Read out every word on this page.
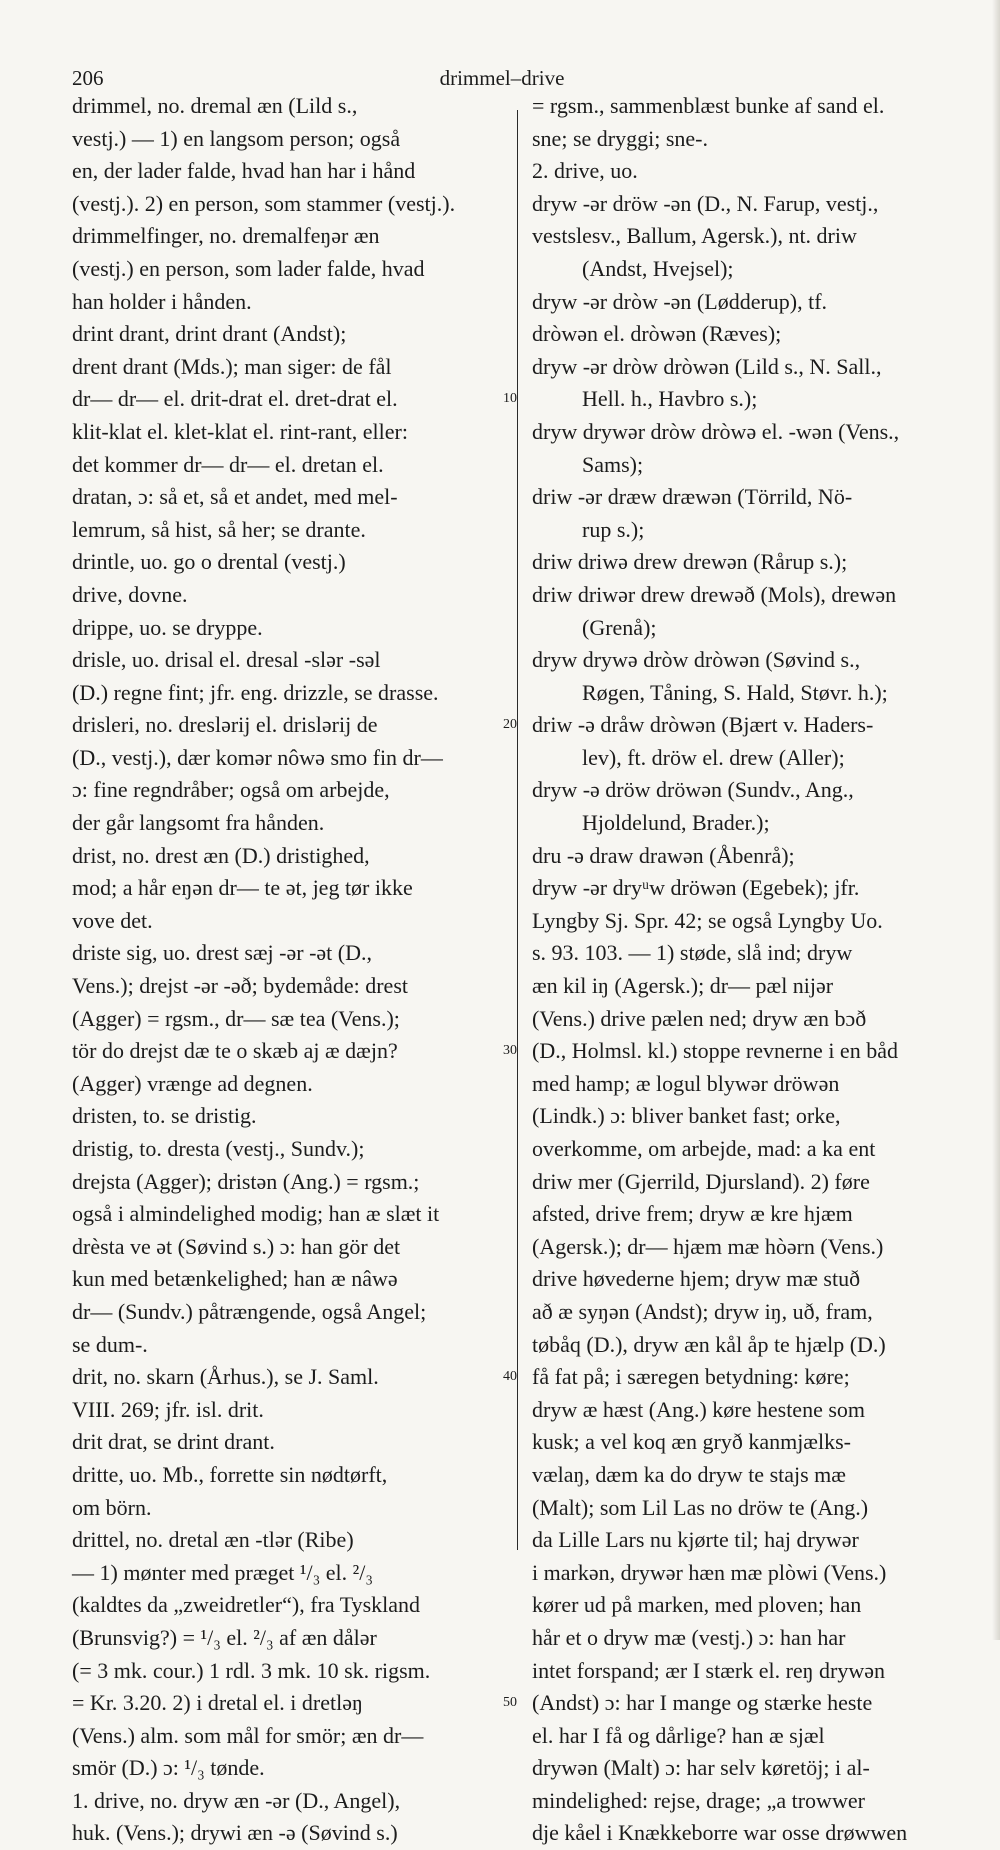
206	drimmel–drive
drimmel, no. dremal æn (Lild s.,
vestj.) — 1) en langsom person; også
en, der lader falde, hvad han har i hånd
(vestj.). 2) en person, som stammer (vestj.).
drimmelfinger, no. dremalfeŋər æn
(vestj.) en person, som lader falde, hvad
han holder i hånden.
drint drant, drint drant (Andst);
drent drant (Mds.); man siger: de fål
dr— dr— el. drit-drat el. dret-drat el.
klit-klat el. klet-klat el. rint-rant, eller:
det kommer dr— dr— el. dretan el.
dratan, ɔ: så et, så et andet, med mel-
lemrum, så hist, så her; se drante.
drintle, uo. go o drental (vestj.)
drive, dovne.
drippe, uo. se dryppe.
drisle, uo. drisal el. dresal -slər -səl
(D.) regne fint; jfr. eng. drizzle, se drasse.
drisleri, no. dreslərij el. drislərij de
(D., vestj.), dær komər nôwə smo fin dr—
ɔ: fine regndråber; også om arbejde,
der går langsomt fra hånden.
drist, no. drest æn (D.) dristighed,
mod; a hår eŋən dr— te ət, jeg tør ikke
vove det.
driste sig, uo. drest sæj -ər -ət (D.,
Vens.); drejst -ər -əð; bydemåde: drest
(Agger) = rgsm., dr— sæ tea (Vens.);
tör do drejst dæ te o skæb aj æ dæjn?
(Agger) vrænge ad degnen.
dristen, to. se dristig.
dristig, to. dresta (vestj., Sundv.);
drejsta (Agger); dristən (Ang.) = rgsm.;
også i almindelighed modig; han æ slæt it
drèsta ve ət (Søvind s.) ɔ: han gör det
kun med betænkelighed; han æ nâwə
dr— (Sundv.) påtrængende, også Angel;
se dum-.
drit, no. skarn (Århus.), se J. Saml.
VIII. 269; jfr. isl. drit.
drit drat, se drint drant.
dritte, uo. Mb., forrette sin nødtørft,
om börn.
drittel, no. dretal æn -tlər (Ribe)
— 1) mønter med præget ¹/₃ el. ²/₃
(kaldtes da „zweidretler“), fra Tyskland
(Brunsvig?) = ¹/₃ el. ²/₃ af æn dålər
(= 3 mk. cour.) 1 rdl. 3 mk. 10 sk. rigsm.
= Kr. 3.20. 2) i dretal el. i dretləŋ
(Vens.) alm. som mål for smör; æn dr—
smör (D.) ɔ: ¹/₃ tønde.
1. drive, no. dryw æn -ər (D., Angel),
huk. (Vens.); drywi æn -ə (Søvind s.)
10
20
30
40
50
= rgsm., sammenblæst bunke af sand el.
sne; se dryggi; sne-.
2. drive, uo.
dryw -ər dröw -ən (D., N. Farup, vestj.,
vestslesv., Ballum, Agersk.), nt. driw
(Andst, Hvejsel);
dryw -ər dròw -ən (Lødderup), tf.
dròwən el. dròwən (Ræves);
dryw -ər dròw dròwən (Lild s., N. Sall.,
Hell. h., Havbro s.);
dryw drywər dròw dròwə el. -wən (Vens.,
Sams);
driw -ər dræw dræwən (Törrild, Nö-
rup s.);
driw driwə drew drewən (Rårup s.);
driw driwər drew drewəð (Mols), drewən
(Grenå);
dryw drywə dròw dròwən (Søvind s.,
Røgen, Tåning, S. Hald, Støvr. h.);
driw -ə dråw dròwən (Bjært v. Haders-
lev), ft. dröw el. drew (Aller);
dryw -ə dröw dröwən (Sundv., Ang.,
Hjoldelund, Brader.);
dru -ə draw drawən (Åbenrå);
dryw -ər dryᵘw dröwən (Egebek); jfr.
Lyngby Sj. Spr. 42; se også Lyngby Uo.
s. 93. 103. — 1) støde, slå ind; dryw
æn kil iŋ (Agersk.); dr— pæl nijər
(Vens.) drive pælen ned; dryw æn bɔð
(D., Holmsl. kl.) stoppe revnerne i en båd
med hamp; æ logul blywər dröwən
(Lindk.) ɔ: bliver banket fast; orke,
overkomme, om arbejde, mad: a ka ent
driw mer (Gjerrild, Djursland). 2) føre
afsted, drive frem; dryw æ kre hjæm
(Agersk.); dr— hjæm mæ hòərn (Vens.)
drive høvederne hjem; dryw mæ stuð
að æ syŋən (Andst); dryw iŋ, uð, fram,
tøbåq (D.), dryw æn kål åp te hjælp (D.)
få fat på; i særegen betydning: køre;
dryw æ hæst (Ang.) køre hestene som
kusk; a vel koq æn gryð kanmjælks-
vælaŋ, dæm ka do dryw te stajs mæ
(Malt); som Lil Las no dröw te (Ang.)
da Lille Lars nu kjørte til; haj drywər
i markən, drywər hæn mæ plòwi (Vens.)
kører ud på marken, med ploven; han
hår et o dryw mæ (vestj.) ɔ: han har
intet forspand; ær I stærk el. reŋ drywən
(Andst) ɔ: har I mange og stærke heste
el. har I få og dårlige? han æ sjæl
drywən (Malt) ɔ: har selv køretöj; i al-
mindelighed: rejse, drage; „a trowwer
dje kåel i Knækkeborre war osse drøwwen
